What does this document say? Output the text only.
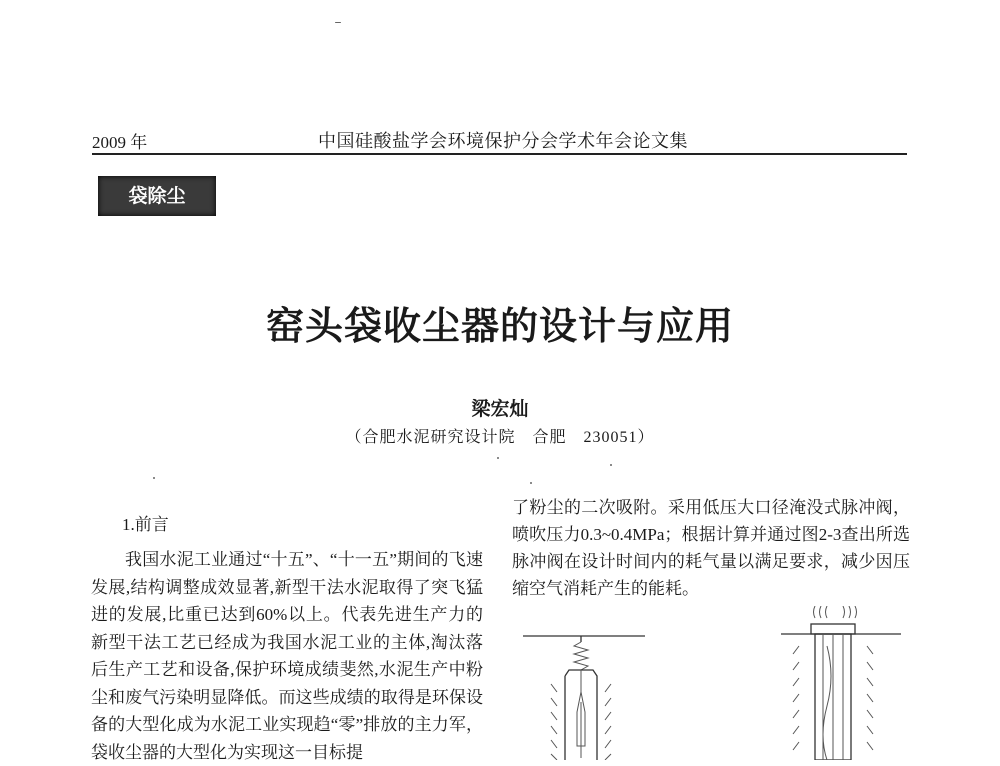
2009 年	中国硅酸盐学会环境保护分会学术年会论文集
袋除尘
窑头袋收尘器的设计与应用
梁宏灿
（合肥水泥研究设计院　合肥　230051）
1.前言

我国水泥工业通过“十五”、“十一五”期间的飞速发展,结构调整成效显著,新型干法水泥取得了突飞猛进的发展,比重已达到60%以上。代表先进生产力的新型干法工艺已经成为我国水泥工业的主体,淘汰落后生产工艺和设备,保护环境成绩斐然,水泥生产中粉尘和废气污染明显降低。而这些成绩的取得是环保设备的大型化成为水泥工业实现趋“零”排放的主力军，袋收尘器的大型化为实现这一目标提

了粉尘的二次吸附。采用低压大口径淹没式脉冲阀，喷吹压力0.3~0.4MPa；根据计算并通过图2-3查出所选脉冲阀在设计时间内的耗气量以满足要求，减少因压缩空气消耗产生的能耗。
